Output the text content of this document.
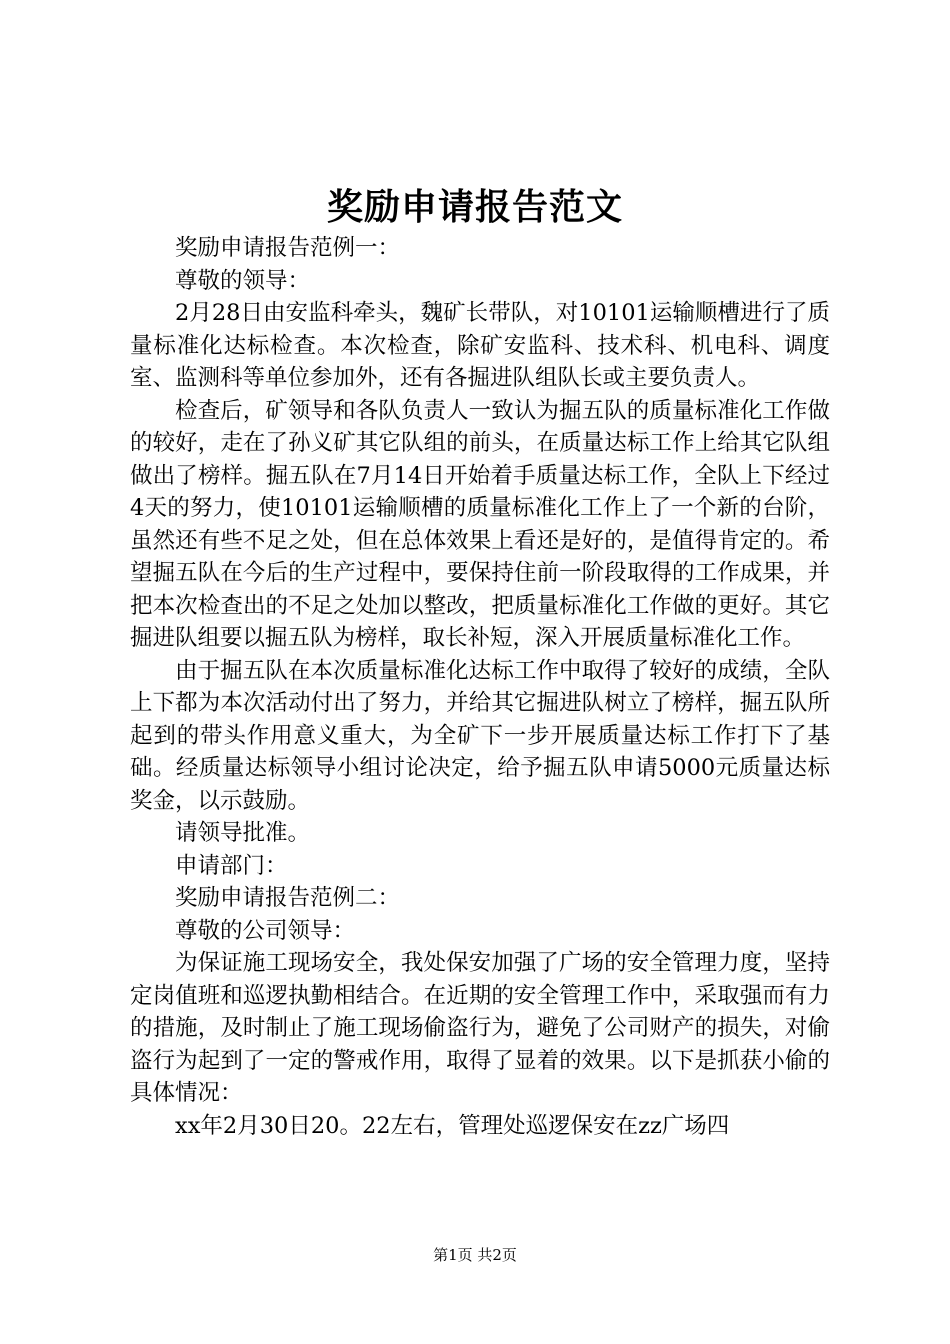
奖励申请报告范文

奖励申请报告范例一：

尊敬的领导：

2月28日由安监科牵头，魏矿长带队，对10101运输顺槽进行了质量标准化达标检查。本次检查，除矿安监科、技术科、机电科、调度室、监测科等单位参加外，还有各掘进队组队长或主要负责人。

检查后，矿领导和各队负责人一致认为掘五队的质量标准化工作做的较好，走在了孙义矿其它队组的前头，在质量达标工作上给其它队组做出了榜样。掘五队在7月14日开始着手质量达标工作，全队上下经过4天的努力，使10101运输顺槽的质量标准化工作上了一个新的台阶，虽然还有些不足之处，但在总体效果上看还是好的，是值得肯定的。希望掘五队在今后的生产过程中，要保持住前一阶段取得的工作成果，并把本次检查出的不足之处加以整改，把质量标准化工作做的更好。其它掘进队组要以掘五队为榜样，取长补短，深入开展质量标准化工作。

由于掘五队在本次质量标准化达标工作中取得了较好的成绩，全队上下都为本次活动付出了努力，并给其它掘进队树立了榜样，掘五队所起到的带头作用意义重大，为全矿下一步开展质量达标工作打下了基础。经质量达标领导小组讨论决定，给予掘五队申请5000元质量达标奖金，以示鼓励。

请领导批准。

申请部门：

奖励申请报告范例二：

尊敬的公司领导：

为保证施工现场安全，我处保安加强了广场的安全管理力度，坚持定岗值班和巡逻执勤相结合。在近期的安全管理工作中，采取强而有力的措施，及时制止了施工现场偷盗行为，避免了公司财产的损失，对偷盗行为起到了一定的警戒作用，取得了显着的效果。以下是抓获小偷的具体情况：

xx年2月30日20。22左右，管理处巡逻保安在zz广场四

第1页 共2页
